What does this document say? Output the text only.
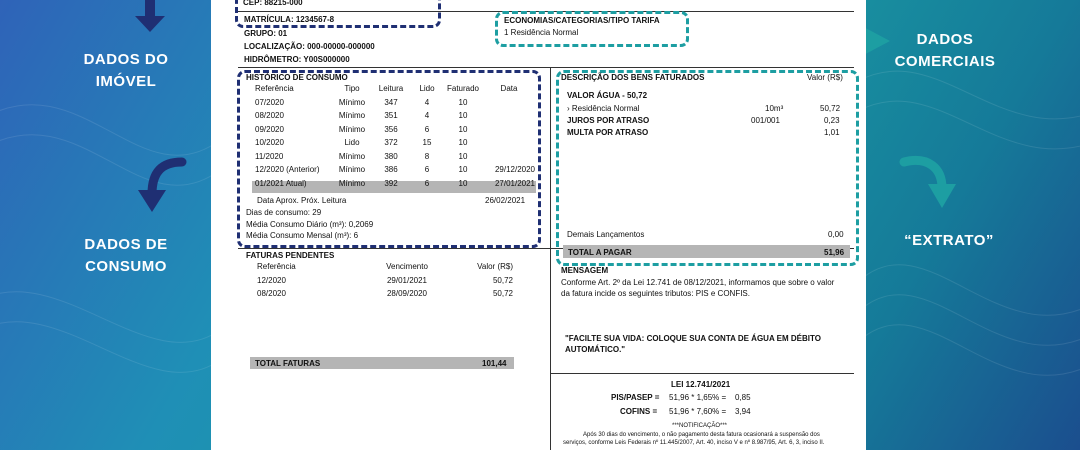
DADOS DO
IMÓVEL
DADOS DE
CONSUMO
DADOS
COMERCIAIS
“EXTRATO”
CEP: 88215-000
MATRÍCULA: 1234567-8
GRUPO: 01
LOCALIZAÇÃO: 000-00000-000000
HIDRÔMETRO: Y00S000000
ECONOMIAS/CATEGORIAS/TIPO TARIFA
1 Residência Normal
HISTÓRICO DE CONSUMO
Referência	Tipo	Leitura	Lido	Faturado	Data
07/2020	Mínimo	347	4	10	
08/2020	Mínimo	351	4	10	
09/2020	Mínimo	356	6	10	
10/2020	Lido	372	15	10	
11/2020	Mínimo	380	8	10	
12/2020 (Anterior)	Mínimo	386	6	10	29/12/2020
01/2021 Atual)	Mínimo	392	6	10	27/01/2021
Data Aprox. Próx. Leitura	26/02/2021
Dias de consumo: 29
Média Consumo Diário (m³): 0,2069
Média Consumo Mensal (m³): 6
FATURAS PENDENTES
Referência	Vencimento	Valor (R$)
12/2020	29/01/2021	50,72
08/2020	28/09/2020	50,72
TOTAL FATURAS	101,44
DESCRIÇÃO DOS BENS FATURADOS	Valor (R$)
VALOR ÁGUA - 50,72
› Residência Normal	10m³	50,72
JUROS POR ATRASO	001/001	0,23
MULTA POR ATRASO	1,01
Demais Lançamentos	0,00
TOTAL A PAGAR	51,96
MENSAGEM
Conforme Art. 2º da Lei 12.741 de 08/12/2021, informamos que sobre o valor
da fatura incide os seguintes tributos: PIS e CONFIS.
"FACILTE SUA VIDA: COLOQUE SUA CONTA DE ÁGUA EM DÉBITO
AUTOMÁTICO."
LEI 12.741/2021
PIS/PASEP = 51,96 * 1,65% = 0,85
COFINS = 51,96 * 7,60% = 3,94
***NOTIFICAÇÃO***
Após 30 dias do vencimento, o não pagamento desta fatura ocasionará a suspensão dos
serviços, conforme Leis Federais nº 11.445/2007, Art. 40, inciso V e nº 8.987/95, Art. 6, 3, inciso II.
